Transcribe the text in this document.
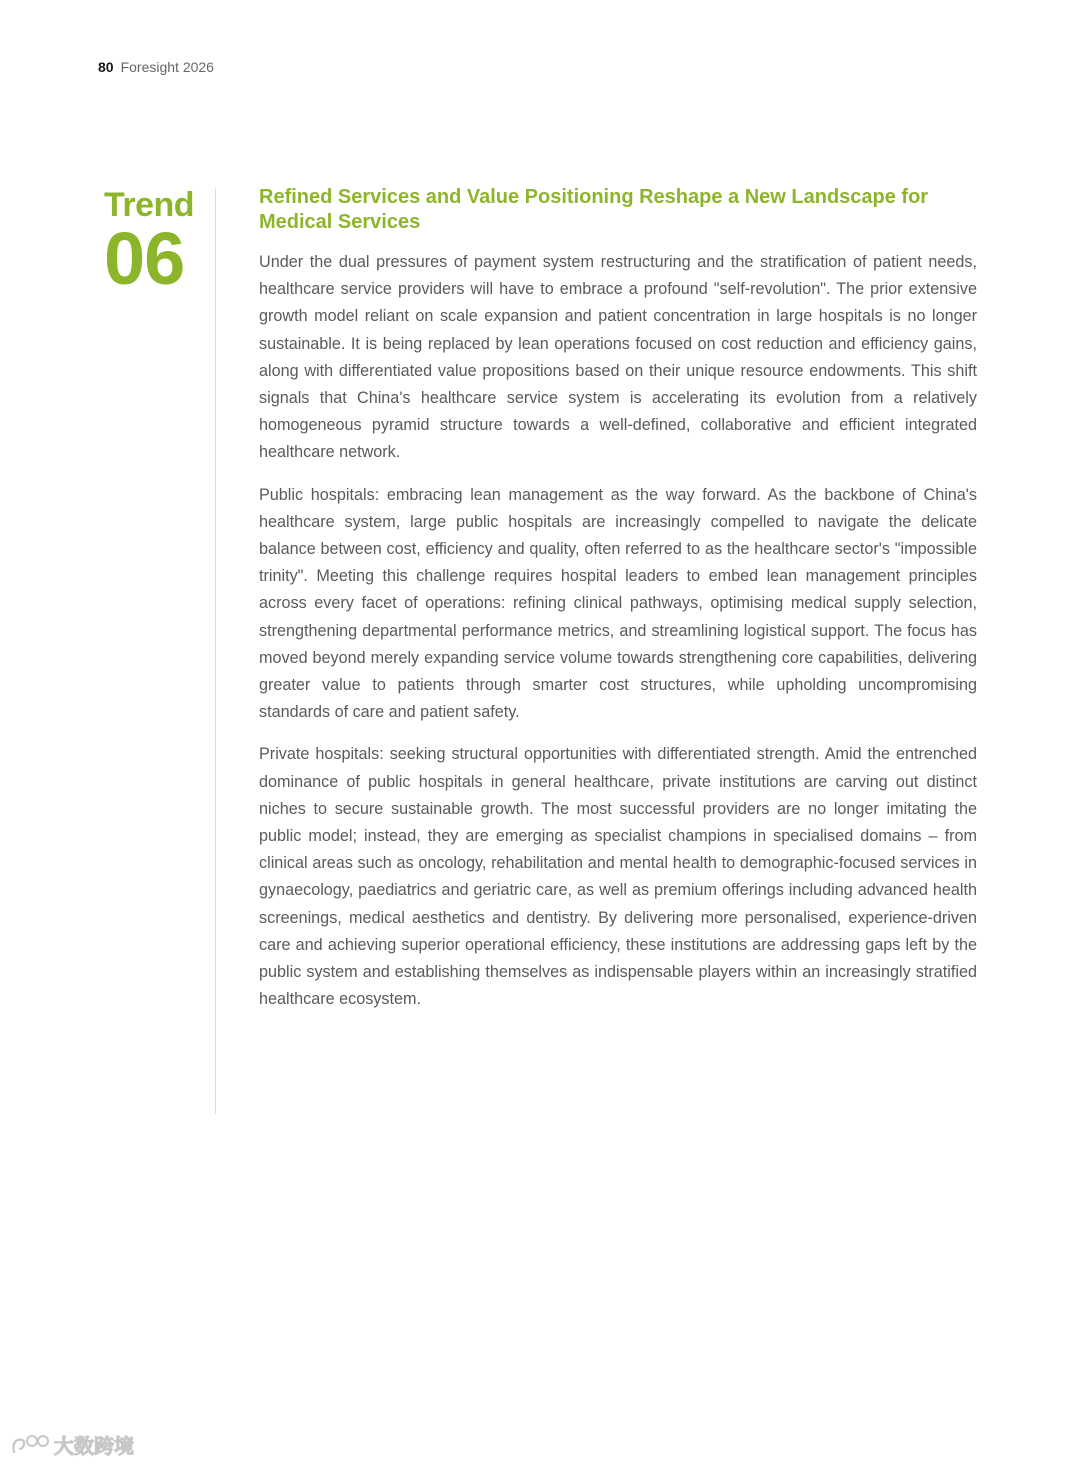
80 Foresight 2026
Trend
06
Refined Services and Value Positioning Reshape a New Landscape for Medical Services

Under the dual pressures of payment system restructuring and the stratification of patient needs, healthcare service providers will have to embrace a profound "self-revolution". The prior extensive growth model reliant on scale expansion and patient concentration in large hospitals is no longer sustainable. It is being replaced by lean operations focused on cost reduction and efficiency gains, along with differentiated value propositions based on their unique resource endowments. This shift signals that China's healthcare service system is accelerating its evolution from a relatively homogeneous pyramid structure towards a well-defined, collaborative and efficient integrated healthcare network.

Public hospitals: embracing lean management as the way forward. As the backbone of China's healthcare system, large public hospitals are increasingly compelled to navigate the delicate balance between cost, efficiency and quality, often referred to as the healthcare sector's "impossible trinity". Meeting this challenge requires hospital leaders to embed lean management principles across every facet of operations: refining clinical pathways, optimising medical supply selection, strengthening departmental performance metrics, and streamlining logistical support. The focus has moved beyond merely expanding service volume towards strengthening core capabilities, delivering greater value to patients through smarter cost structures, while upholding uncompromising standards of care and patient safety.

Private hospitals: seeking structural opportunities with differentiated strength. Amid the entrenched dominance of public hospitals in general healthcare, private institutions are carving out distinct niches to secure sustainable growth. The most successful providers are no longer imitating the public model; instead, they are emerging as specialist champions in specialised domains – from clinical areas such as oncology, rehabilitation and mental health to demographic-focused services in gynaecology, paediatrics and geriatric care, as well as premium offerings including advanced health screenings, medical aesthetics and dentistry. By delivering more personalised, experience-driven care and achieving superior operational efficiency, these institutions are addressing gaps left by the public system and establishing themselves as indispensable players within an increasingly stratified healthcare ecosystem.

大数跨境
